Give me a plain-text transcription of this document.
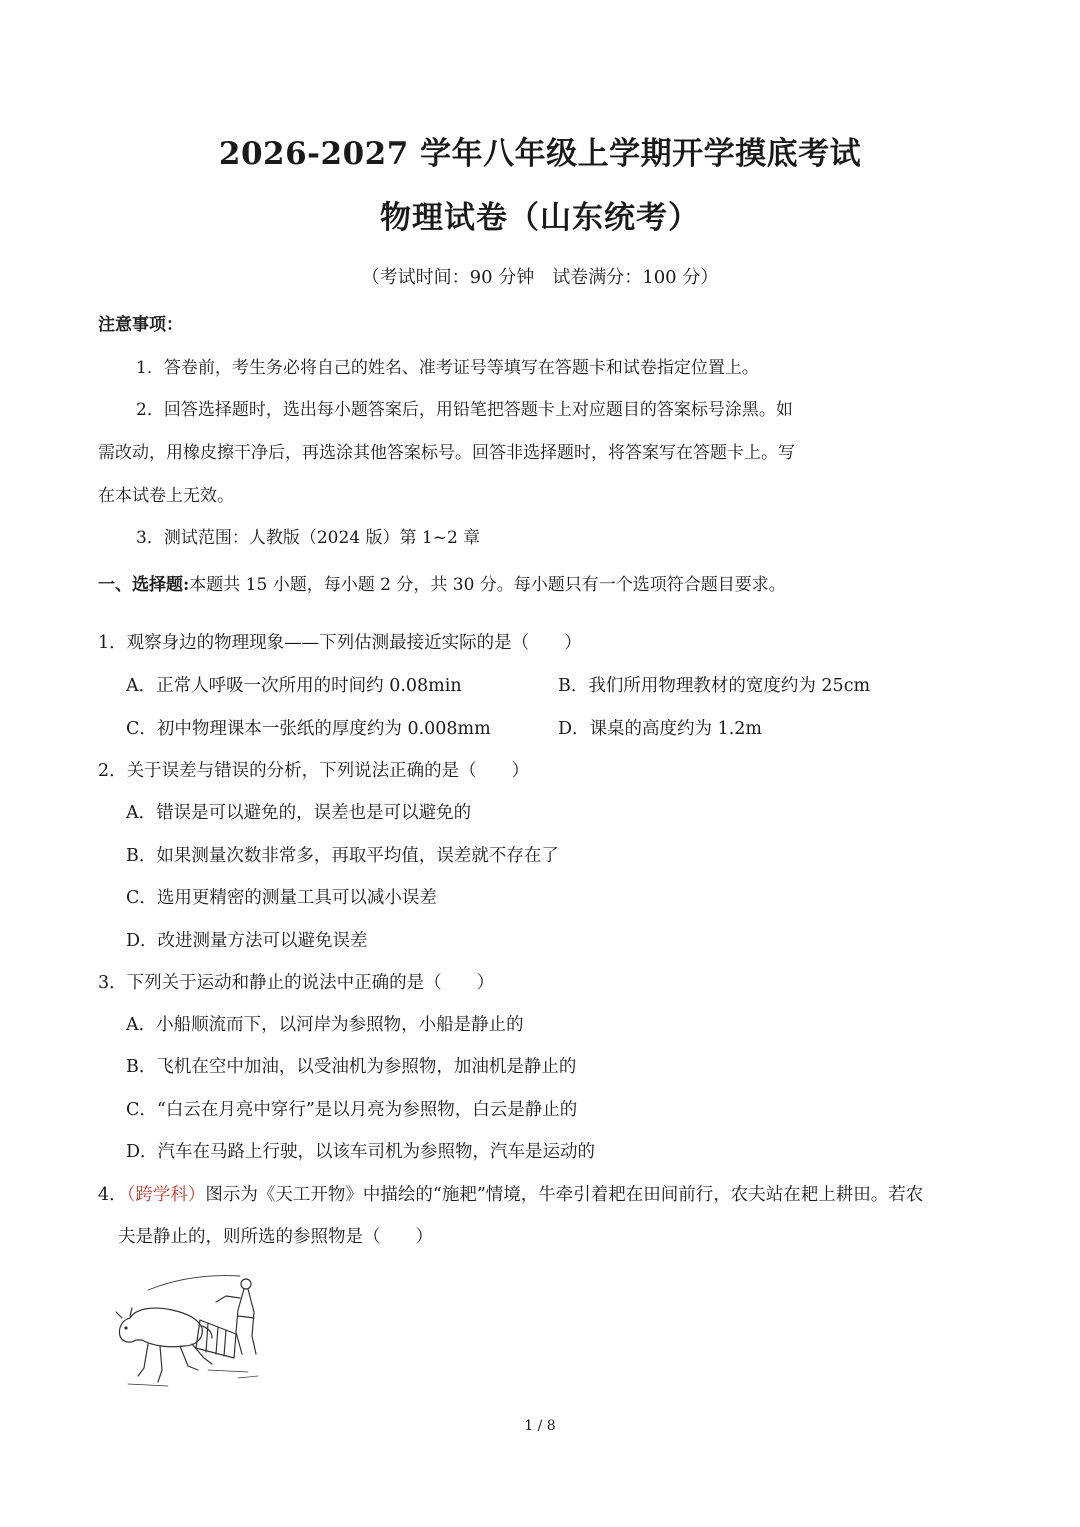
2026-2027 学年八年级上学期开学摸底考试
物理试卷（山东统考）
（考试时间：90 分钟　试卷满分：100 分）
注意事项：
1．答卷前，考生务必将自己的姓名、准考证号等填写在答题卡和试卷指定位置上。
2．回答选择题时，选出每小题答案后，用铅笔把答题卡上对应题目的答案标号涂黑。如
需改动，用橡皮擦干净后，再选涂其他答案标号。回答非选择题时，将答案写在答题卡上。写
在本试卷上无效。
3．测试范围：人教版（2024 版）第 1~2 章
一、选择题:本题共 15 小题，每小题 2 分，共 30 分。每小题只有一个选项符合题目要求。
1．观察身边的物理现象——下列估测最接近实际的是（　　）
A．正常人呼吸一次所用的时间约 0.08min	B．我们所用物理教材的宽度约为 25cm
C．初中物理课本一张纸的厚度约为 0.008mm	D．课桌的高度约为 1.2m
2．关于误差与错误的分析，下列说法正确的是（　　）
A．错误是可以避免的，误差也是可以避免的
B．如果测量次数非常多，再取平均值，误差就不存在了
C．选用更精密的测量工具可以减小误差
D．改进测量方法可以避免误差
3．下列关于运动和静止的说法中正确的是（　　）
A．小船顺流而下，以河岸为参照物，小船是静止的
B．飞机在空中加油，以受油机为参照物，加油机是静止的
C．“白云在月亮中穿行”是以月亮为参照物，白云是静止的
D．汽车在马路上行驶，以该车司机为参照物，汽车是运动的
4．（跨学科）图示为《天工开物》中描绘的“施耙”情境，牛牵引着耙在田间前行，农夫站在耙上耕田。若农
夫是静止的，则所选的参照物是（　　）
1 / 8
